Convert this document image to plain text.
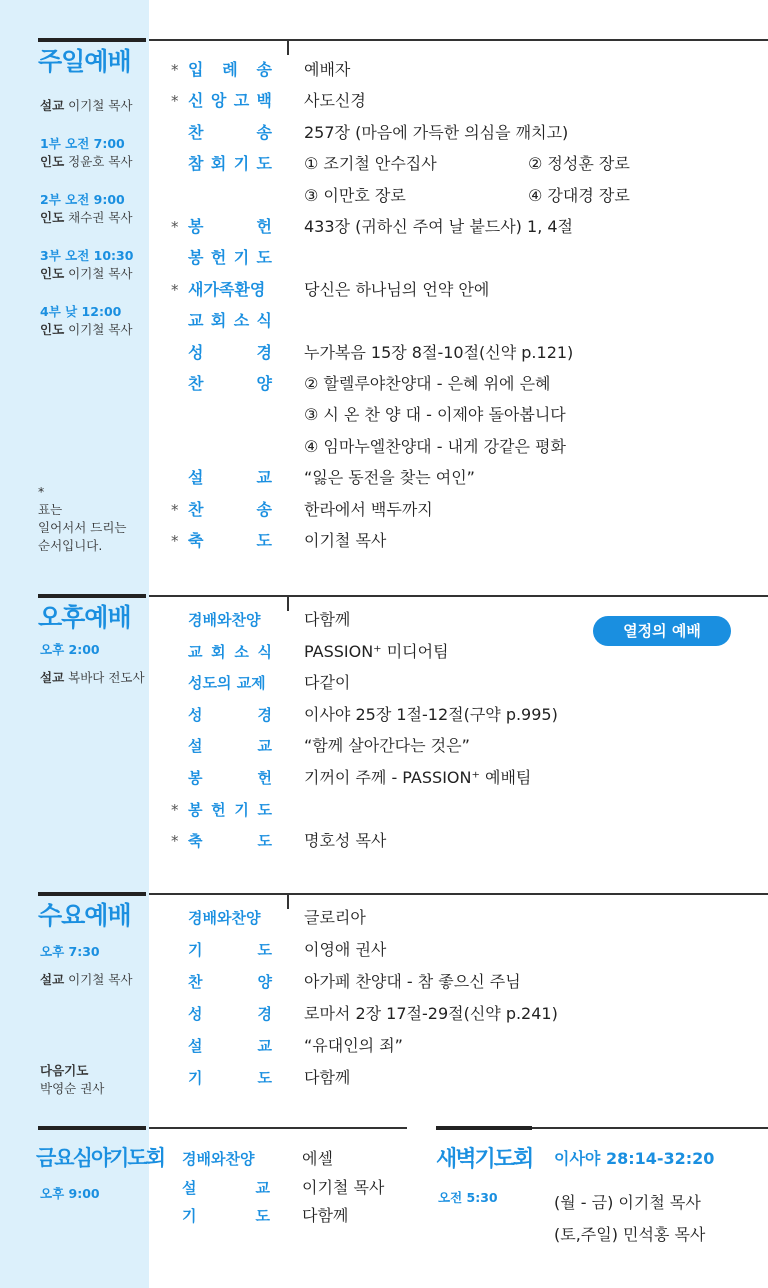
주일예배
설교 이기철 목사
1부 오전 7:00
인도 정윤호 목사
2부 오전 9:00
인도 채수권 목사
3부 오전 10:30
인도 이기철 목사
4부 낮 12:00
인도 이기철 목사
*
표는
일어서서 드리는
순서입니다.
* 입 례 송 예배자
* 신 앙 고 백 사도신경
찬	송 257장 (마음에 가득한 의심을 깨치고)
참 회 기 도 ① 조기철 안수집사	② 정성훈 장로
③ 이만호 장로	④ 강대경 장로
* 봉	헌 433장 (귀하신 주여 날 붙드사) 1, 4절
봉 헌 기 도
* 새가족환영	당신은 하나님의 언약 안에
교 회 소 식
성	경 누가복음 15장 8절-10절(신약 p.121)
찬	양 ② 할렐루야찬양대 - 은혜 위에 은혜
③ 시 온 찬 양 대 - 이제야 돌아봅니다
④ 임마누엘찬양대 - 내게 강같은 평화
설	교 “잃은 동전을 찾는 여인”
* 찬	송 한라에서 백두까지
* 축	도 이기철 목사
오후예배
오후 2:00
설교 복바다 전도사
열정의 예배
경배와찬양	다함께
교 회 소 식 PASSION⁺ 미디어팀
성도의 교제	다같이
성	경 이사야 25장 1절-12절(구약 p.995)
설	교 “함께 살아간다는 것은”
봉	헌 기꺼이 주께 - PASSION⁺ 예배팀
* 봉 헌 기 도
* 축	도 명호성 목사
수요예배
오후 7:30
설교 이기철 목사
다음기도
박영순 권사
경배와찬양	글로리아
기	도 이영애 권사
찬	양 아가페 찬양대 - 참 좋으신 주님
성	경 로마서 2장 17절-29절(신약 p.241)
설	교 “유대인의 죄”
기	도 다함께
금요심야기도회
오후 9:00
경배와찬양	에셀
설	교 이기철 목사
기	도 다함께
새벽기도회 이사야 28:14-32:20
오전 5:30	(월 - 금) 이기철 목사
(토,주일) 민석홍 목사
